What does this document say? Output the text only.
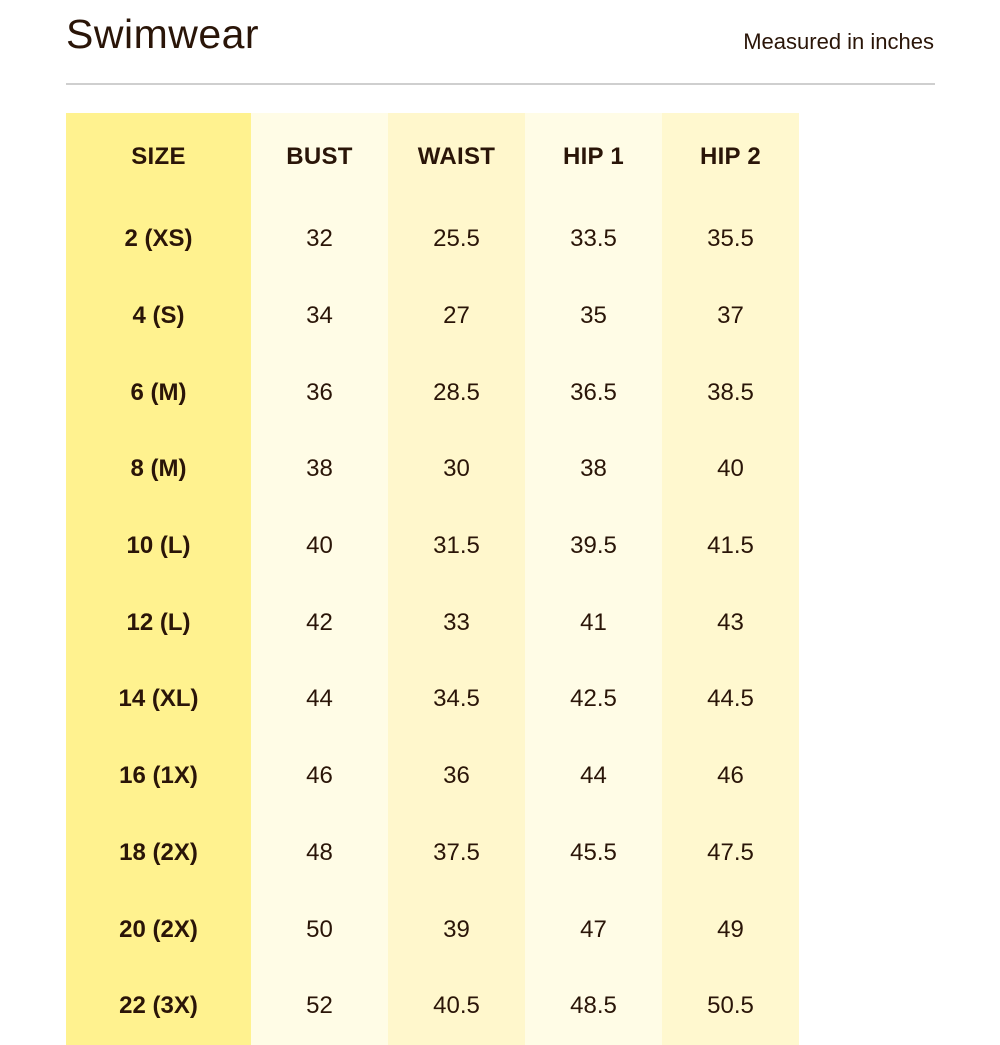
Swimwear	Measured in inches
SIZE	BUST	WAIST	HIP 1	HIP 2
2 (XS)	32	25.5	33.5	35.5
4 (S)	34	27	35	37
6 (M)	36	28.5	36.5	38.5
8 (M)	38	30	38	40
10 (L)	40	31.5	39.5	41.5
12 (L)	42	33	41	43
14 (XL)	44	34.5	42.5	44.5
16 (1X)	46	36	44	46
18 (2X)	48	37.5	45.5	47.5
20 (2X)	50	39	47	49
22 (3X)	52	40.5	48.5	50.5
